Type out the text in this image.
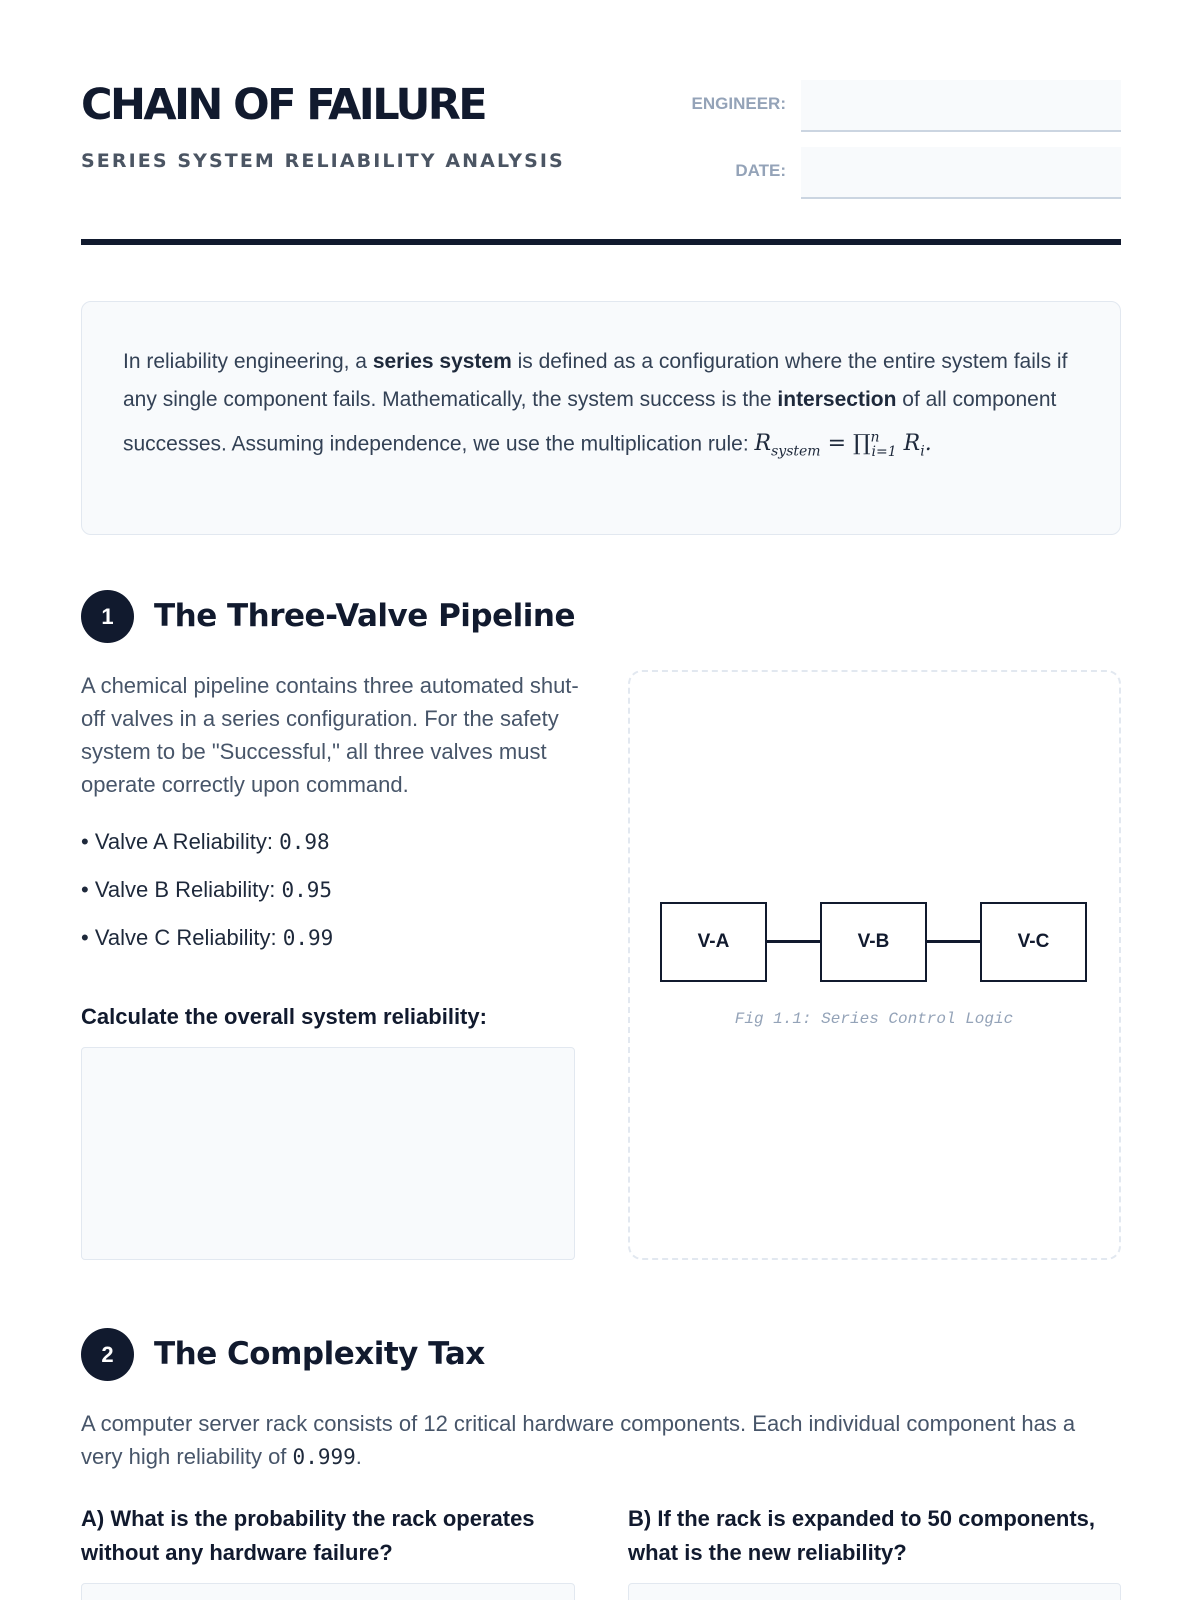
CHAIN OF FAILURE
SERIES SYSTEM RELIABILITY ANALYSIS
ENGINEER:
DATE:
In reliability engineering, a series system is defined as a configuration where the entire system fails if any single component fails. Mathematically, the system success is the intersection of all component successes. Assuming independence, we use the multiplication rule: $R_{system}$ = ∏$^n_{i=1}$ $R_i$.
1	The Three-Valve Pipeline
A chemical pipeline contains three automated shut-off valves in a series configuration. For the safety system to be "Successful," all three valves must operate correctly upon command.
• Valve A Reliability: 0.98
• Valve B Reliability: 0.95
• Valve C Reliability: 0.99
Calculate the overall system reliability:
V-A	V-B	V-C
Fig 1.1: Series Control Logic
2	The Complexity Tax
A computer server rack consists of 12 critical hardware components. Each individual component has a very high reliability of 0.999.
A) What is the probability the rack operates without any hardware failure?
B) If the rack is expanded to 50 components, what is the new reliability?
